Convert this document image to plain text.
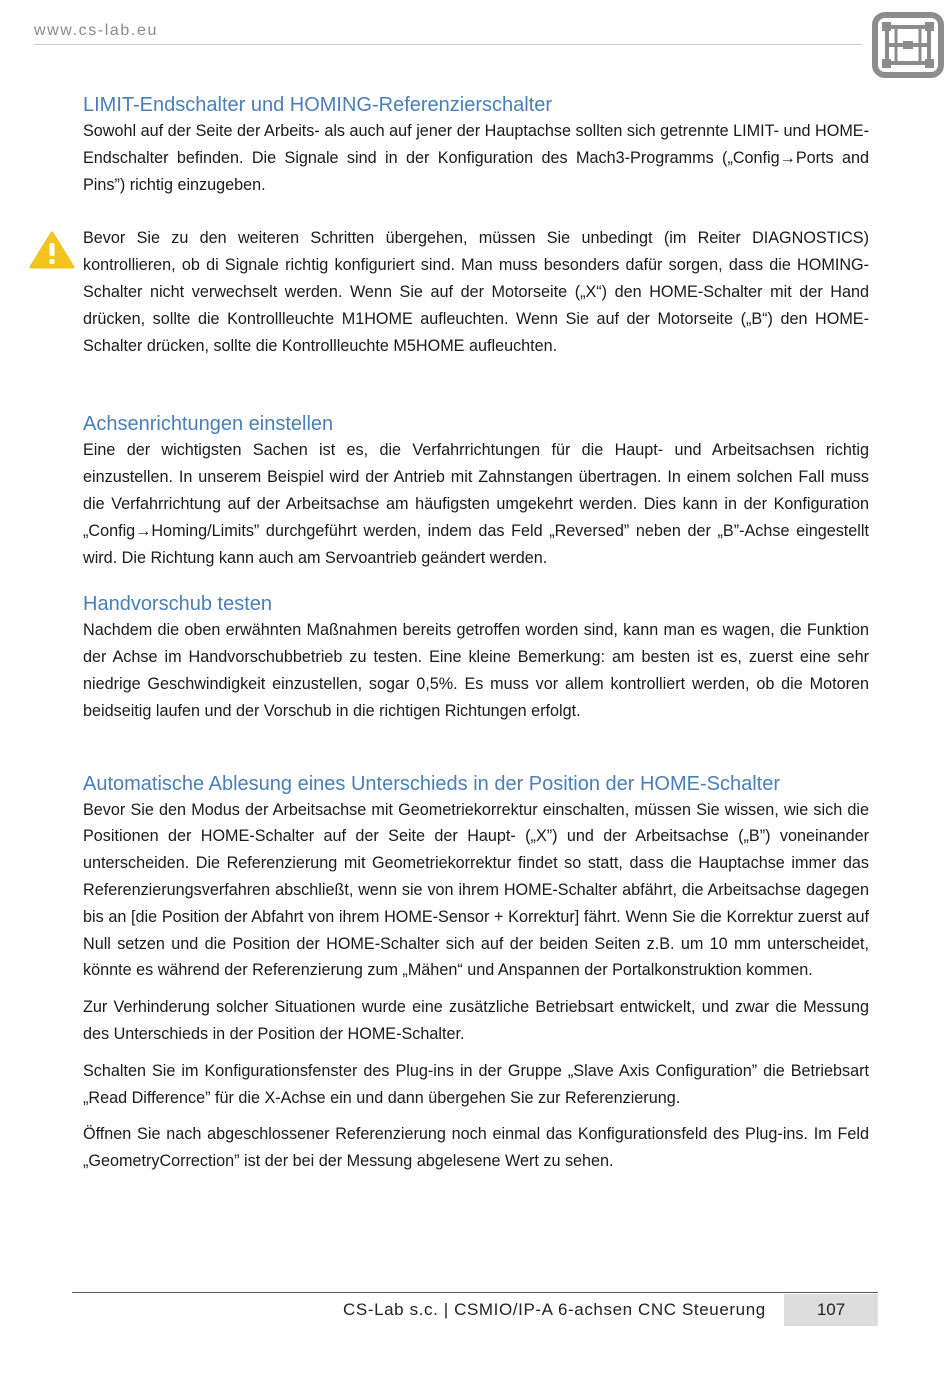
www.cs-lab.eu
LIMIT-Endschalter und HOMING-Referenzierschalter

Sowohl auf der Seite der Arbeits- als auch auf jener der Hauptachse sollten sich getrennte LIMIT- und HOME-Endschalter befinden. Die Signale sind in der Konfiguration des Mach3-Programms („Config→Ports and Pins”) richtig einzugeben.

Bevor Sie zu den weiteren Schritten übergehen, müssen Sie unbedingt (im Reiter DIAGNOSTICS) kontrollieren, ob di Signale richtig konfiguriert sind. Man muss besonders dafür sorgen, dass die HOMING-Schalter nicht verwechselt werden. Wenn Sie auf der Motorseite („X“) den HOME-Schalter mit der Hand drücken, sollte die Kontrollleuchte M1HOME aufleuchten. Wenn Sie auf der Motorseite („B“) den HOME-Schalter drücken, sollte die Kontrollleuchte M5HOME aufleuchten.

Achsenrichtungen einstellen

Eine der wichtigsten Sachen ist es, die Verfahrrichtungen für die Haupt- und Arbeitsachsen richtig einzustellen. In unserem Beispiel wird der Antrieb mit Zahnstangen übertragen. In einem solchen Fall muss die Verfahrrichtung auf der Arbeitsachse am häufigsten umgekehrt werden. Dies kann in der Konfiguration „Config→Homing/Limits” durchgeführt werden, indem das Feld „Reversed” neben der „B”-Achse eingestellt wird. Die Richtung kann auch am Servoantrieb geändert werden.

Handvorschub testen

Nachdem die oben erwähnten Maßnahmen bereits getroffen worden sind, kann man es wagen, die Funktion der Achse im Handvorschubbetrieb zu testen. Eine kleine Bemerkung: am besten ist es, zuerst eine sehr niedrige Geschwindigkeit einzustellen, sogar 0,5%. Es muss vor allem kontrolliert werden, ob die Motoren beidseitig laufen und der Vorschub in die richtigen Richtungen erfolgt.

Automatische Ablesung eines Unterschieds in der Position der HOME-Schalter

Bevor Sie den Modus der Arbeitsachse mit Geometriekorrektur einschalten, müssen Sie wissen, wie sich die Positionen der HOME-Schalter auf der Seite der Haupt- („X”) und der Arbeitsachse („B”) voneinander unterscheiden. Die Referenzierung mit Geometriekorrektur findet so statt, dass die Hauptachse immer das Referenzierungsverfahren abschließt, wenn sie von ihrem HOME-Schalter abfährt, die Arbeitsachse dagegen bis an [die Position der Abfahrt von ihrem HOME-Sensor + Korrektur] fährt. Wenn Sie die Korrektur zuerst auf Null setzen und die Position der HOME-Schalter sich auf der beiden Seiten z.B. um 10 mm unterscheidet, könnte es während der Referenzierung zum „Mähen“ und Anspannen der Portalkonstruktion kommen.

Zur Verhinderung solcher Situationen wurde eine zusätzliche Betriebsart entwickelt, und zwar die Messung des Unterschieds in der Position der HOME-Schalter.

Schalten Sie im Konfigurationsfenster des Plug-ins in der Gruppe „Slave Axis Configuration” die Betriebsart „Read Difference” für die X-Achse ein und dann übergehen Sie zur Referenzierung.

Öffnen Sie nach abgeschlossener Referenzierung noch einmal das Konfigurationsfeld des Plug-ins. Im Feld „GeometryCorrection” ist der bei der Messung abgelesene Wert zu sehen.

CS-Lab s.c. | CSMIO/IP-A 6-achsen CNC Steuerung	107
